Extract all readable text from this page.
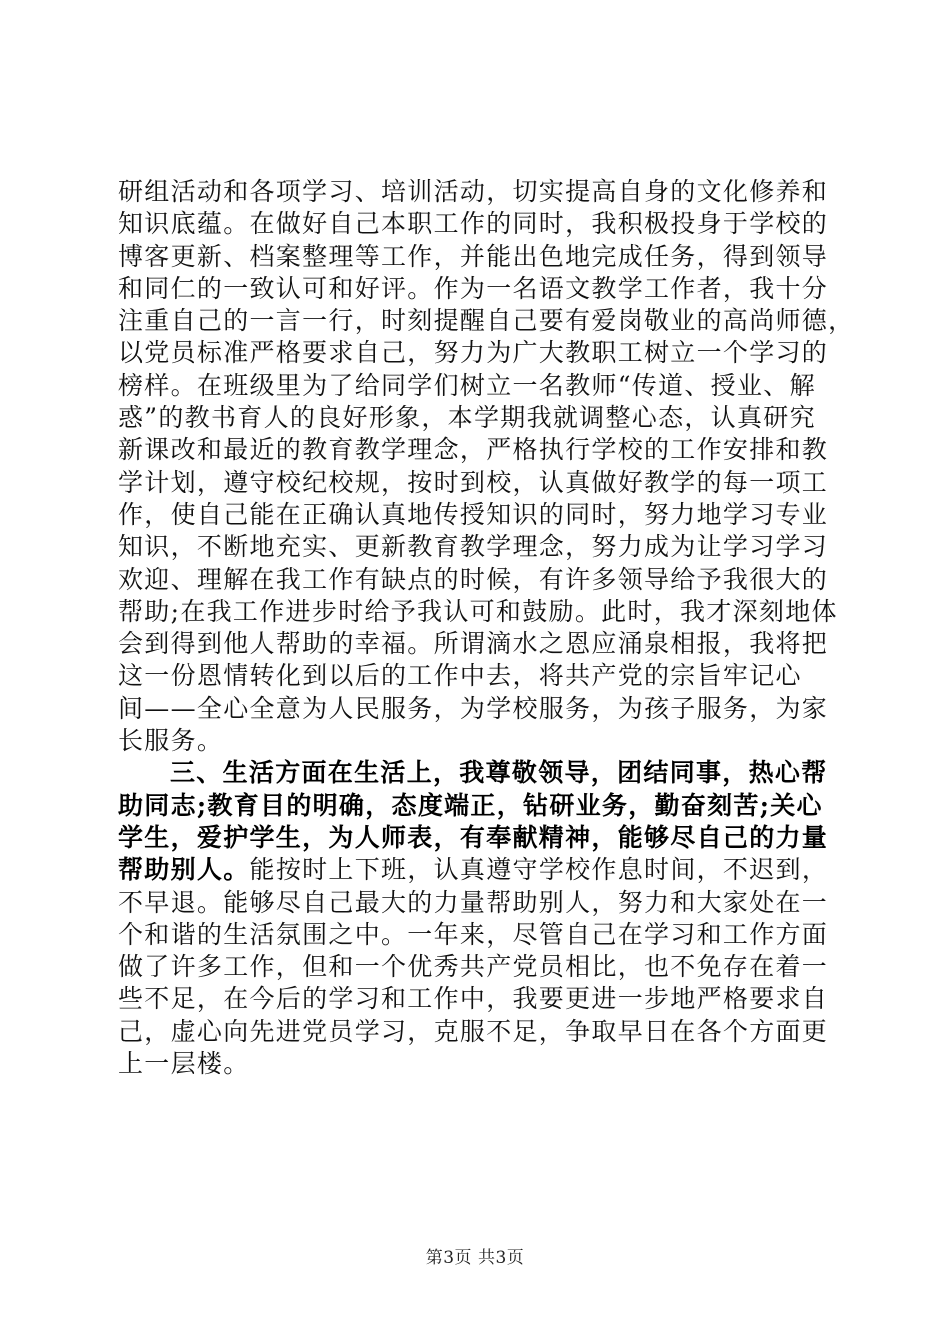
研组活动和各项学习、培训活动，切实提高自身的文化修养和
知识底蕴。在做好自己本职工作的同时，我积极投身于学校的
博客更新、档案整理等工作，并能出色地完成任务，得到领导
和同仁的一致认可和好评。作为一名语文教学工作者，我十分
注重自己的一言一行，时刻提醒自己要有爱岗敬业的高尚师德，
以党员标准严格要求自己，努力为广大教职工树立一个学习的
榜样。在班级里为了给同学们树立一名教师“传道、授业、解
惑”的教书育人的良好形象，本学期我就调整心态，认真研究
新课改和最近的教育教学理念，严格执行学校的工作安排和教
学计划，遵守校纪校规，按时到校，认真做好教学的每一项工
作，使自己能在正确认真地传授知识的同时，努力地学习专业
知识，不断地充实、更新教育教学理念，努力成为让学习学习
欢迎、理解在我工作有缺点的时候，有许多领导给予我很大的
帮助;在我工作进步时给予我认可和鼓励。此时，我才深刻地体
会到得到他人帮助的幸福。所谓滴水之恩应涌泉相报，我将把
这一份恩情转化到以后的工作中去，将共产党的宗旨牢记心
间——全心全意为人民服务，为学校服务，为孩子服务，为家
长服务。
三、生活方面在生活上，我尊敬领导，团结同事，热心帮
助同志;教育目的明确，态度端正，钻研业务，勤奋刻苦;关心
学生，爱护学生，为人师表，有奉献精神，能够尽自己的力量
帮助别人。能按时上下班，认真遵守学校作息时间，不迟到，
不早退。能够尽自己最大的力量帮助别人，努力和大家处在一
个和谐的生活氛围之中。一年来，尽管自己在学习和工作方面
做了许多工作，但和一个优秀共产党员相比，也不免存在着一
些不足，在今后的学习和工作中，我要更进一步地严格要求自
己，虚心向先进党员学习，克服不足，争取早日在各个方面更
上一层楼。
第3页 共3页
